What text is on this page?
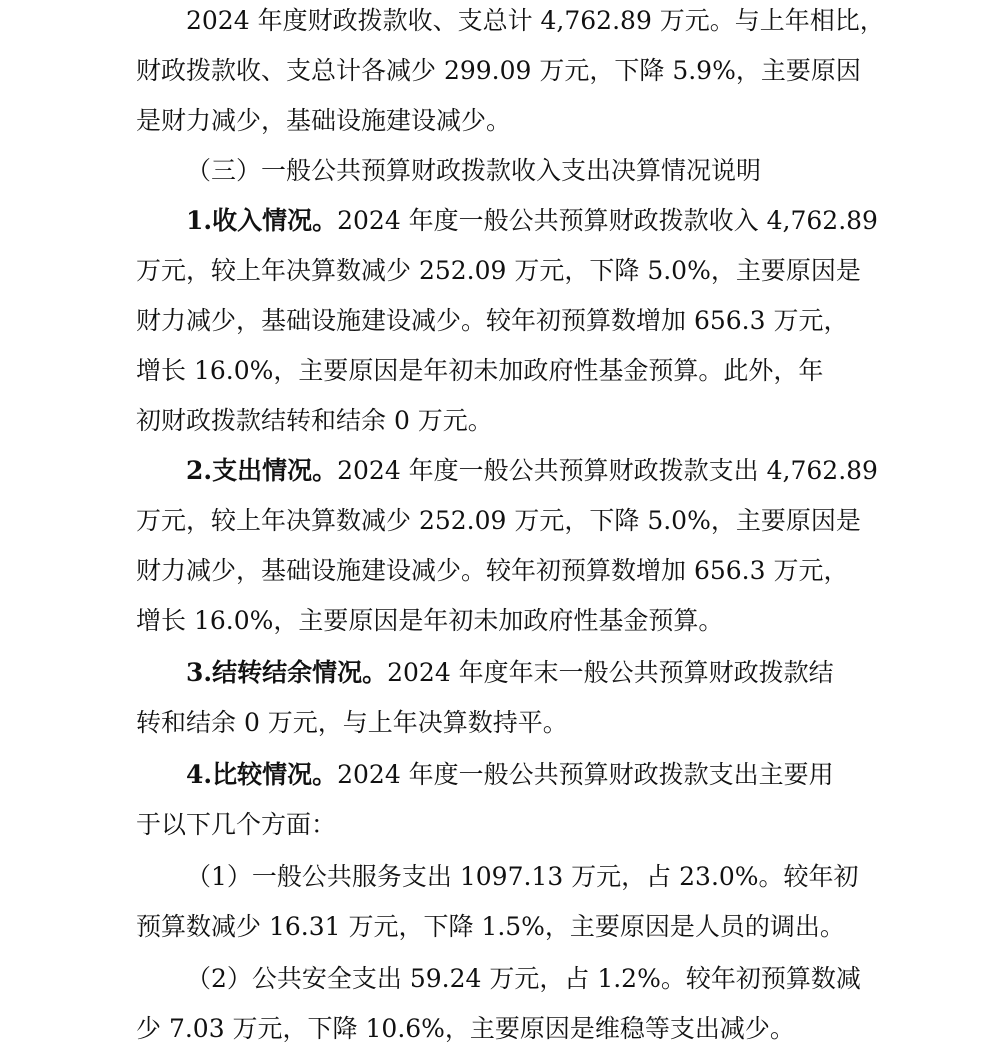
2024 年度财政拨款收、支总计 4,762.89 万元。与上年相比，
财政拨款收、支总计各减少 299.09 万元，下降 5.9%，主要原因
是财力减少，基础设施建设减少。
（三）一般公共预算财政拨款收入支出决算情况说明
1.收入情况。2024 年度一般公共预算财政拨款收入 4,762.89
万元，较上年决算数减少 252.09 万元，下降 5.0%，主要原因是
财力减少，基础设施建设减少。较年初预算数增加 656.3 万元，
增长 16.0%，主要原因是年初未加政府性基金预算。此外，年
初财政拨款结转和结余 0 万元。
2.支出情况。2024 年度一般公共预算财政拨款支出 4,762.89
万元，较上年决算数减少 252.09 万元，下降 5.0%，主要原因是
财力减少，基础设施建设减少。较年初预算数增加 656.3 万元，
增长 16.0%，主要原因是年初未加政府性基金预算。
3.结转结余情况。2024 年度年末一般公共预算财政拨款结
转和结余 0 万元，与上年决算数持平。
4.比较情况。2024 年度一般公共预算财政拨款支出主要用
于以下几个方面：
（1）一般公共服务支出 1097.13 万元，占 23.0%。较年初
预算数减少 16.31 万元，下降 1.5%，主要原因是人员的调出。
（2）公共安全支出 59.24 万元，占 1.2%。较年初预算数减
少 7.03 万元，下降 10.6%，主要原因是维稳等支出减少。
